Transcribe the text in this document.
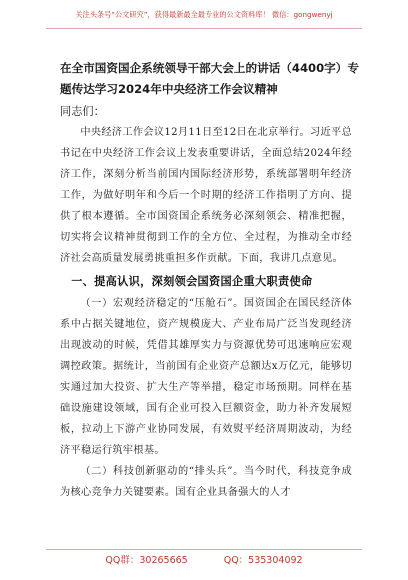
关注头条号“公文研究”，获得最新最全最专业的公文资料库！ 微信：gongwenyj
在全市国资国企系统领导干部大会上的讲话（4400字）专题传达学习2024年中央经济工作会议精神
同志们：

中央经济工作会议12月11日至12日在北京举行。习近平总书记在中央经济工作会议上发表重要讲话，全面总结2024年经济工作，深刻分析当前国内国际经济形势，系统部署明年经济工作，为做好明年和今后一个时期的经济工作指明了方向、提供了根本遵循。全市国资国企系统务必深刻领会、精准把握，切实将会议精神贯彻到工作的全方位、全过程，为推动全市经济社会高质量发展勇挑重担多作贡献。下面，我讲几点意见。

一、提高认识，深刻领会国资国企重大职责使命

（一）宏观经济稳定的“压舱石”。国资国企在国民经济体系中占据关键地位，资产规模庞大、产业布局广泛当发现经济出现波动的时候，凭借其雄厚实力与资源优势可迅速响应宏观调控政策。据统计，当前国有企业资产总额达x万亿元，能够切实通过加大投资、扩大生产等举措，稳定市场预期。同样在基础设施建设领域，国有企业可投入巨额资金，助力补齐发展短板，拉动上下游产业协同发展，有效熨平经济周期波动，为经济平稳运行筑牢根基。

（二）科技创新驱动的“排头兵”。当今时代，科技竞争成为核心竞争力关键要素。国有企业具备强大的人才

QQ群：30265665	QQ：535304092
